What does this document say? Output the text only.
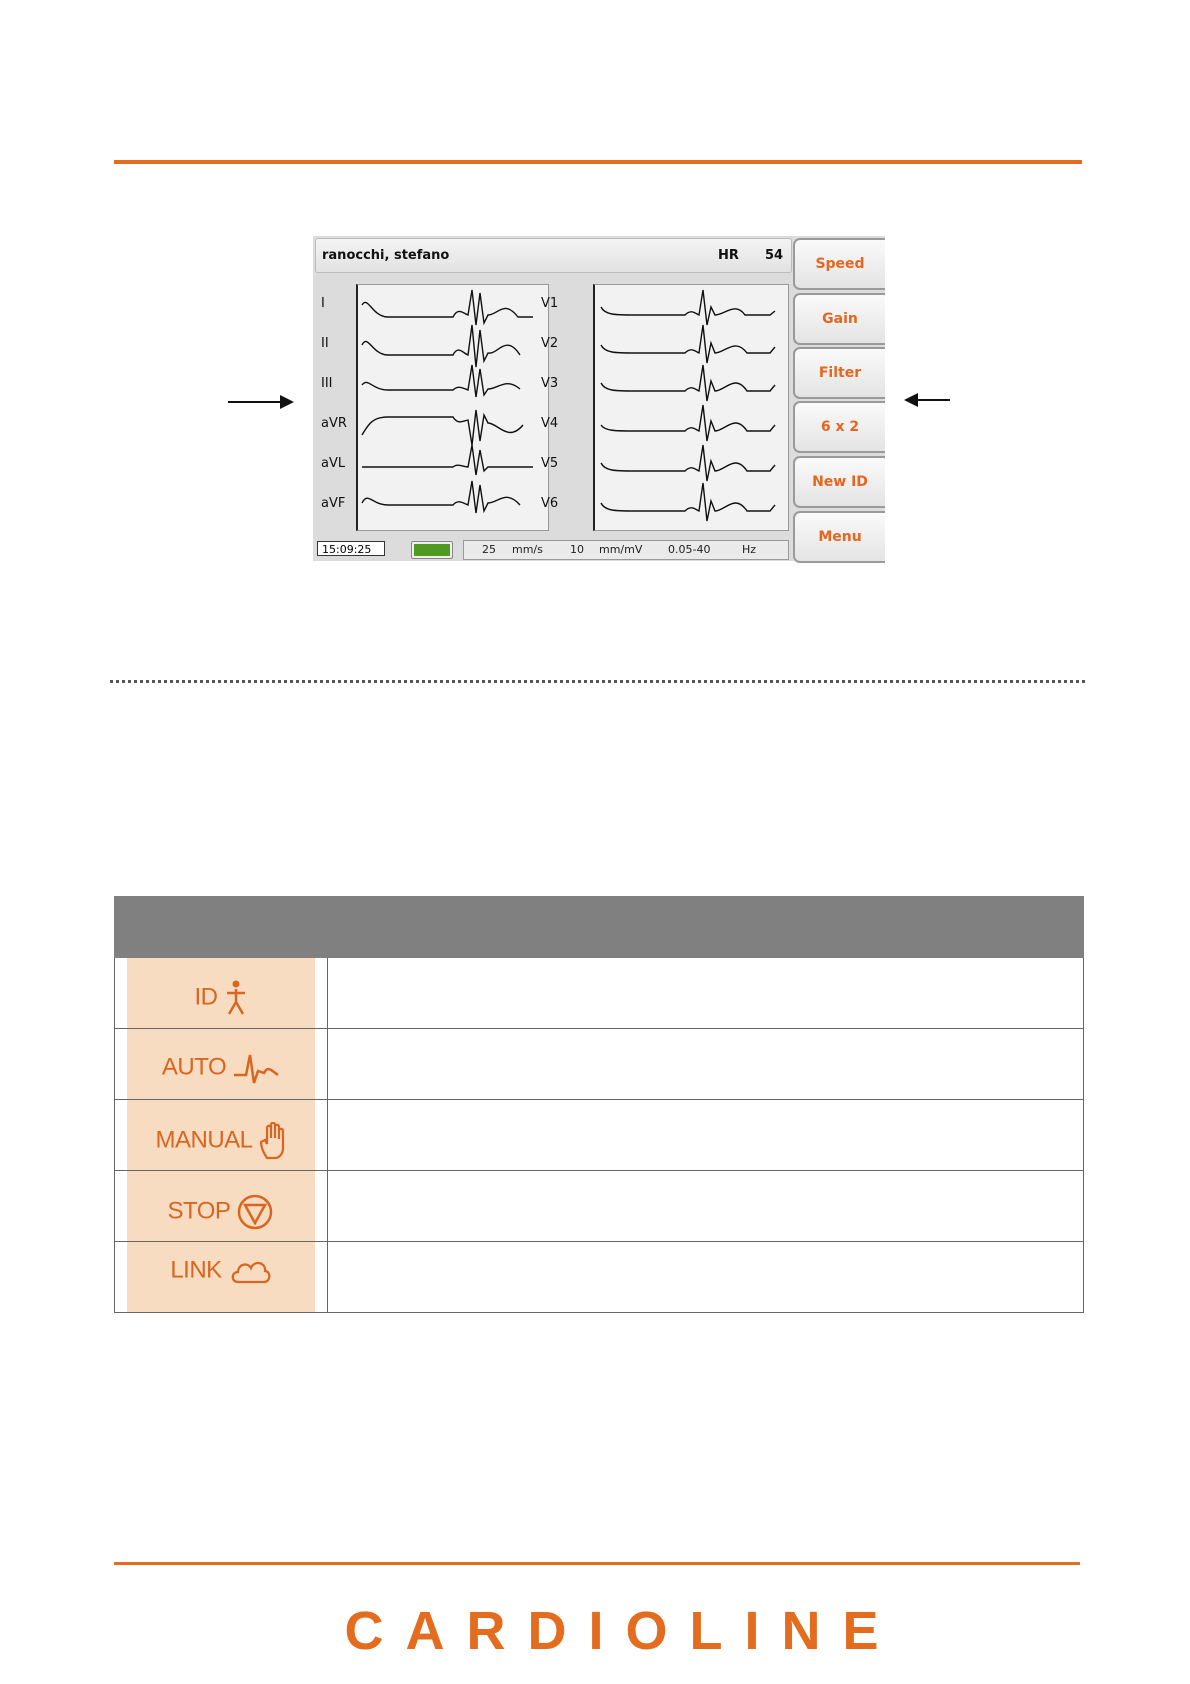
ranocchi, stefano	HR 54
I
II
III
aVR
aVL
aVF
V1
V2
V3
V4
V5
V6
Speed
Gain
Filter
6 x 2
New ID
Menu
15:09:25	25 mm/s 10 mm/mV 0.05-40	Hz

ID	

AUTO	

MANUAL	

STOP	

LINK	

CARDIOLINE
